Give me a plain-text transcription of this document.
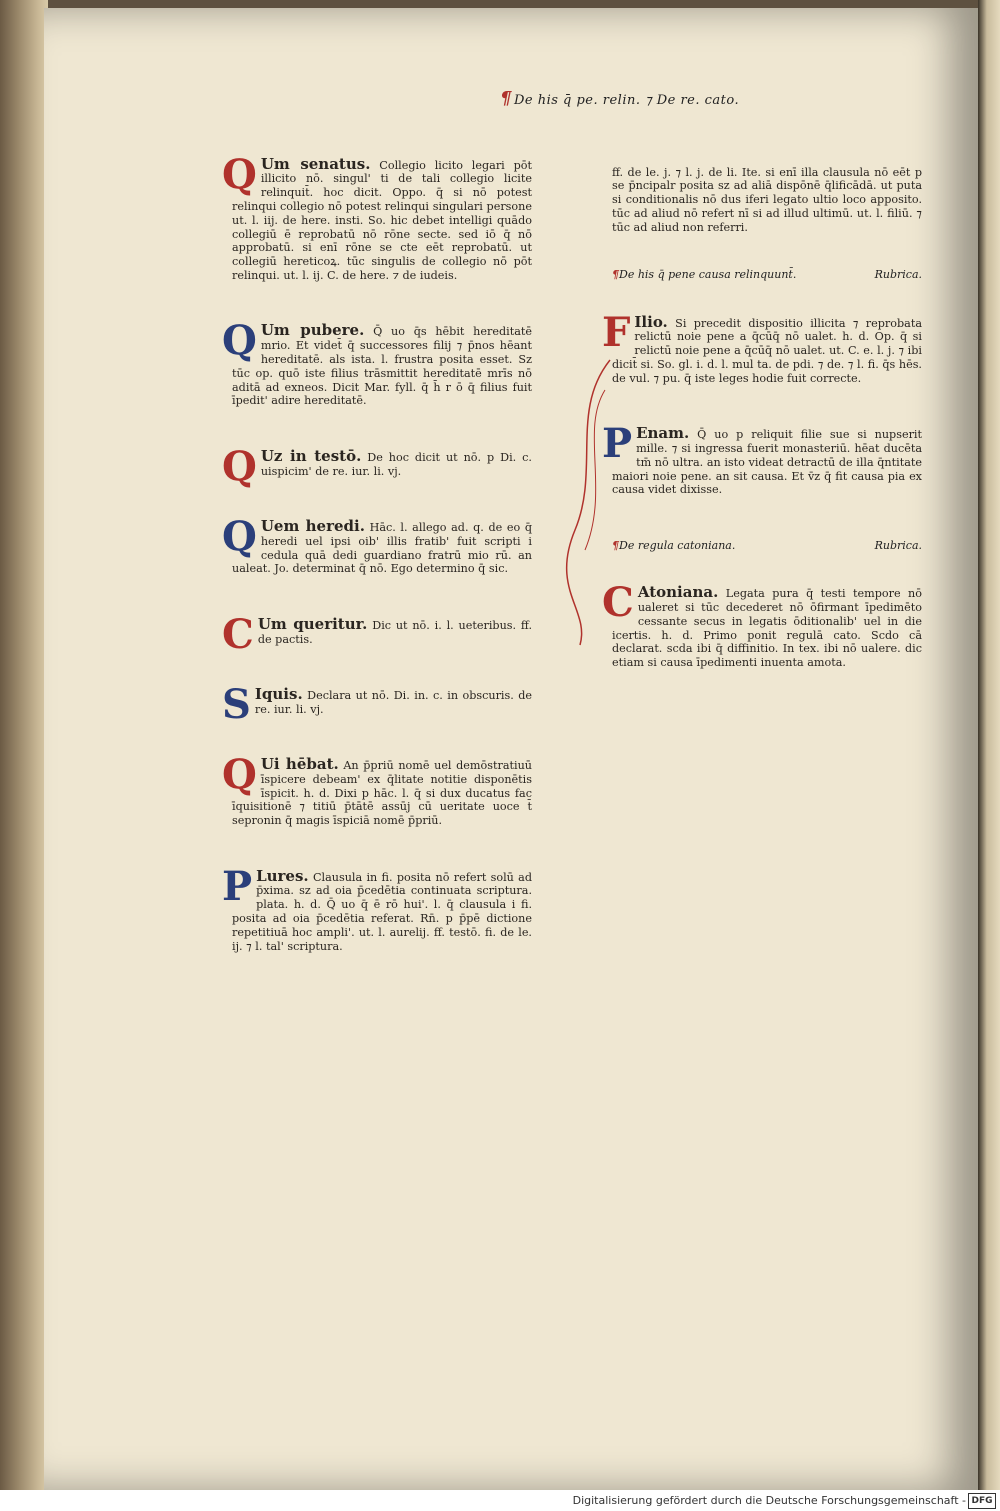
¶ De his q̄ pe. relin. ⁊ De re. cato.

Q Um senatus. Collegio licito legari pōt illicito nō. singul' ti de tali collegio licite relinquit̄. hoc dicit. Oppo. q̄ si nō potest relinqui collegio nō potest relinqui singulari persone ut. l. iij. de here. insti. So. hic debet intelligi quādo collegiū ē reprobatū nō rōne secte. sed iō q̄ nō approbatū. si enī rōne se cte eēt reprobatū. ut collegiū hereticoꝝ. tūc singulis de collegio nō pōt relinqui. ut. l. ij. C. de here. ⁊ de iudeis.

Q Um pubere. Q̄ uo q̄s hēbit hereditatē mrio. Et videt̄ q̄ successores filij ⁊ p̄nos hēant hereditatē. als ista. l. frustra posita esset. Sz tūc op. quō iste filius trāsmittit hereditatē mrīs nō aditā ad exneos. Dicit Mar. fyll. q̄ h̄ r ō q̄ filius fuit īpedit' adire hereditatē.

Q Uz in testō. De hoc dicit ut nō. p Di. c. uispicim' de re. iur. li. vj.

Q Uem heredi. Hāc. l. allego ad. q. de eo q̄ heredi uel ipsi oib' illis fratib' fuit scripti i cedula quā dedi guardiano fratrū mio rū. an ualeat. Jo. determinat q̄ nō. Ego determino q̄ sic.

C Um queritur. Dic ut nō. i. l. ueteribus. ff. de pactis.

S Iquis. Declara ut nō. Di. in. c. in obscuris. de re. iur. li. vj.

Q Ui hēbat. An p̄priū nomē uel demōstratiuū īspicere debeam' ex q̄litate notitie disponētis īspicit. h. d. Dixi p hāc. l. q̄ si dux ducatus fac īquisitionē ⁊ titiū p̄tātē assūj cū ueritate uoce t̄ sepronin q̄ magis īspiciā nomē p̄priū.

P Lures. Clausula in fi. posita nō refert solū ad p̄xima. sz ad oia p̄cedētia continuata scriptura. plata. h. d. Q̄ uo q̄ ē rō hui'. l. q̄ clausula i fi. posita ad oia p̄cedētia referat. Rn̄. p p̄pē dictione repetitiuā hoc ampli'. ut. l. aurelij. ff. testō. fi. de le. ij. ⁊ l. tal' scriptura.

ff. de le. j. ⁊ l. j. de li. Ite. si enī illa clausula nō eēt p se p̄ncipalr posita sz ad aliā dispōnē q̄lificādā. ut puta si conditionalis nō dus iferi legato ultio loco apposito. tūc ad aliud nō refert nī si ad illud ultimū. ut. l. filiū. ⁊ tūc ad aliud non referri.

¶De his q̄ pene causa relinquunt̄.	Rubrica.

F Ilio. Si precedit dispositio illicita ⁊ reprobata relictū noie pene a q̄cūq̄ nō ualet. h. d. Op. q̄ si relictū noie pene a q̄cūq̄ nō ualet. ut. C. e. l. j. ⁊ ibi dicit̄ si. So. gl. i. d. l. mul ta. de pdi. ⁊ de. ⁊ l. fi. q̄s hēs. de vul. ⁊ pu. q̄ iste leges hodie fuit correcte.

P Enam. Q̄ uo p reliquit filie sue si nupserit mille. ⁊ si ingressa fuerit monasteriū. hēat ducēta tm̄ nō ultra. an isto videat detractū de illa q̄ntitate maiori noie pene. an sit causa. Et v̄z q̄ fit causa pia ex causa videt dixisse.

¶De regula catoniana.	Rubrica.

C Atoniana. Legata pura q̄ testi tempore nō ualeret si tūc decederet nō ōfirmant īpedimēto cessante secus in legatis ōditionalib' uel in die icertis. h. d. Primo ponit regulā cato. Scdo cā declarat. scda ibi q̄ diffinitio. In tex. ibi nō ualere. dic etiam si causa īpedimenti inuenta amota.

Digitalisierung gefördert durch die Deutsche Forschungsgemeinschaft - DFG
